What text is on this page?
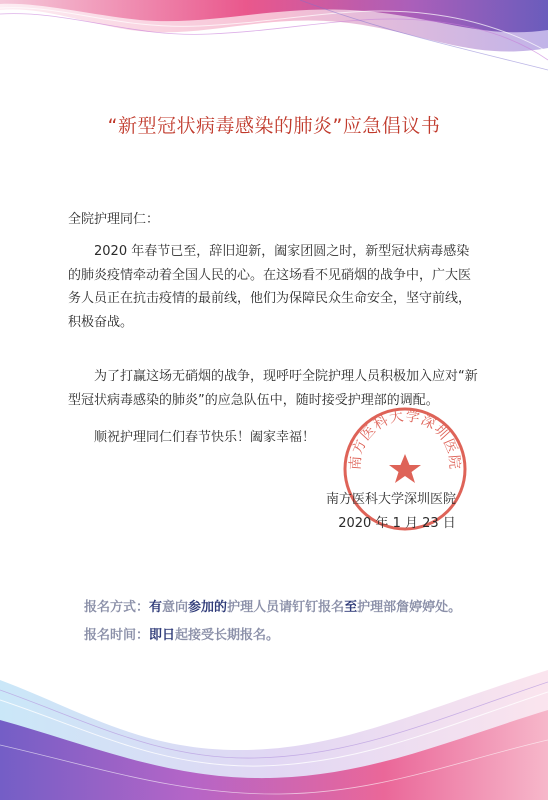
“新型冠状病毒感染的肺炎”应急倡议书
全院护理同仁：

2020 年春节已至，辞旧迎新，阖家团圆之时，新型冠状病毒感染的肺炎疫情牵动着全国人民的心。在这场看不见硝烟的战争中，广大医务人员正在抗击疫情的最前线，他们为保障民众生命安全，坚守前线，积极奋战。

为了打赢这场无硝烟的战争，现呼吁全院护理人员积极加入应对“新型冠状病毒感染的肺炎”的应急队伍中，随时接受护理部的调配。

顺祝护理同仁们春节快乐！阖家幸福！

南方医科大学深圳医院
南方医科大学深圳医院
2020 年 1 月 23 日
报名方式：有意向参加的护理人员请钉钉报名至护理部詹婷婷处。
报名时间：即日起接受长期报名。
